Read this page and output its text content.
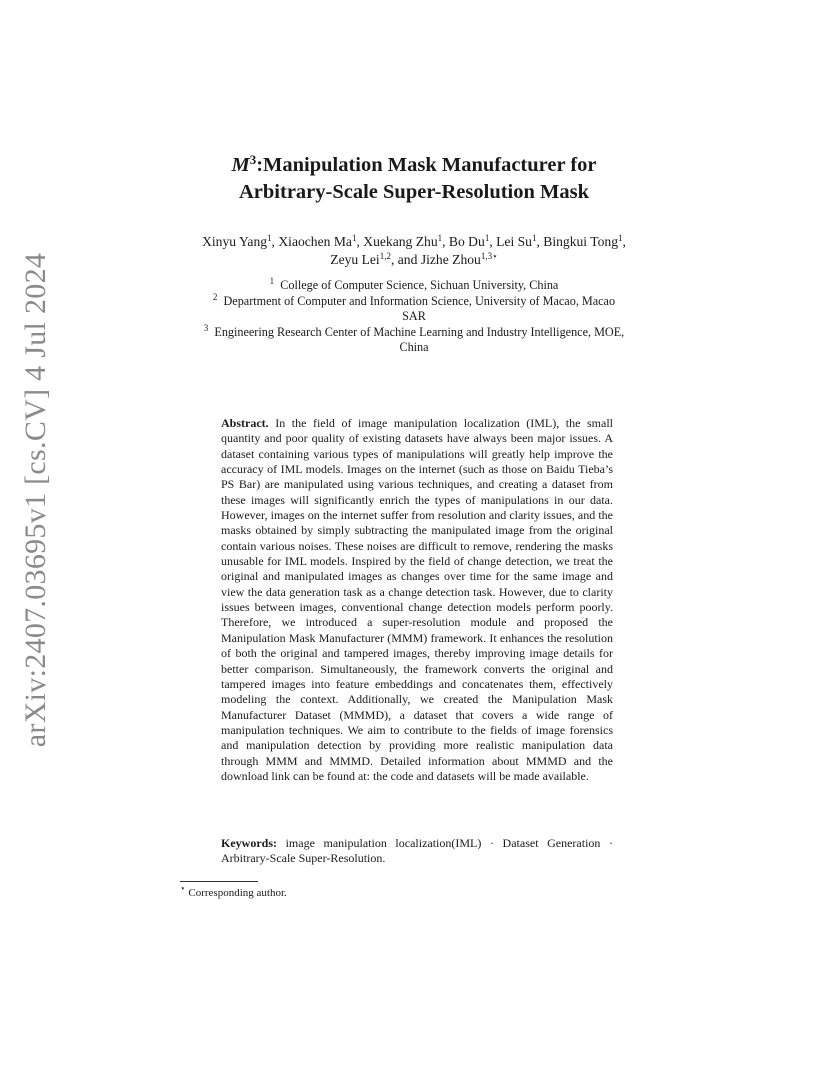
arXiv:2407.03695v1 [cs.CV] 4 Jul 2024
$M^3:Manipulation$ Mask Manufacturer for
Arbitrary-Scale Super-Resolution Mask
Xinyu Yang$^1$, Xiaochen Ma$^1$, Xuekang Zhu$^1$, Bo Du$^1$, Lei Su$^1$, Bingkui Tong$^1$,
Zeyu Lei$^{1,2}$, and Jizhe Zhou$^{1,3⋆}$
$^1$ College of Computer Science, Sichuan University, China
$^2$ Department of Computer and Information Science, University of Macao, Macao
SAR
$^3$ Engineering Research Center of Machine Learning and Industry Intelligence, MOE,
China
Abstract. In the field of image manipulation localization (IML), the small quantity and poor quality of existing datasets have always been major issues. A dataset containing various types of manipulations will greatly help improve the accuracy of IML models. Images on the internet (such as those on Baidu Tieba’s PS Bar) are manipulated using various techniques, and creating a dataset from these images will significantly enrich the types of manipulations in our data. However, images on the internet suffer from resolution and clarity issues, and the masks obtained by simply subtracting the manipulated image from the original contain various noises. These noises are difficult to remove, rendering the masks unusable for IML models. Inspired by the field of change detection, we treat the original and manipulated images as changes over time for the same image and view the data generation task as a change detection task. However, due to clarity issues between images, conventional change detection models perform poorly. Therefore, we introduced a super-resolution module and proposed the Manipulation Mask Manufacturer (MMM) framework. It enhances the resolution of both the original and tampered images, thereby improving image details for better comparison. Simultaneously, the framework converts the original and tampered images into feature embeddings and concatenates them, effectively modeling the context. Additionally, we created the Manipulation Mask Manufacturer Dataset (MMMD), a dataset that covers a wide range of manipulation techniques. We aim to contribute to the fields of image forensics and manipulation detection by providing more realistic manipulation data through MMM and MMMD. Detailed information about MMMD and the download link can be found at: the code and datasets will be made available.
Keywords: image manipulation localization(IML) · Dataset Generation · Arbitrary-Scale Super-Resolution.
⋆ Corresponding author.
